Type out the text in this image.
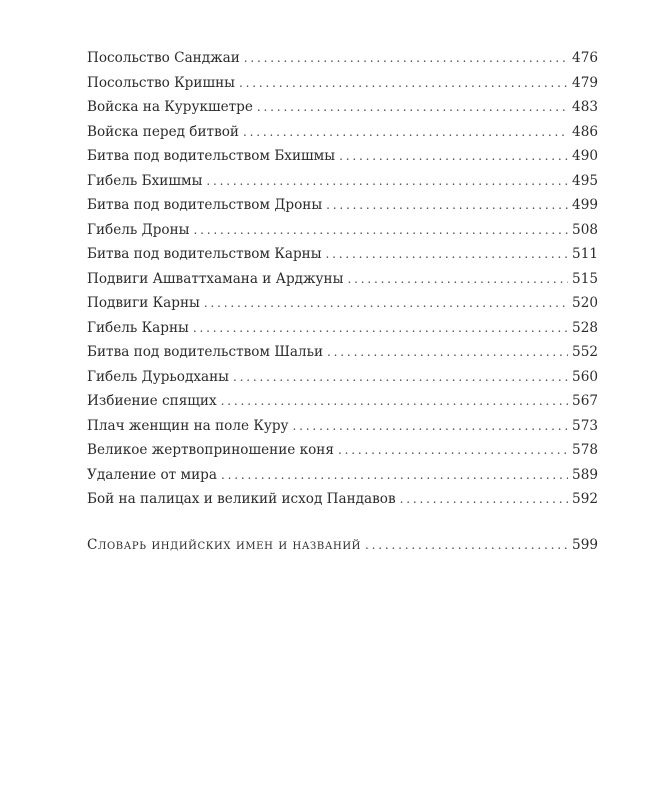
Посольство Санджаи . . .	476
Посольство Кришны . . .	479
Войска на Курукшетре . . .	483
Войска перед битвой . . .	486
Битва под водительством Бхишмы . . .	490
Гибель Бхишмы . . .	495
Битва под водительством Дроны . . .	499
Гибель Дроны . . .	508
Битва под водительством Карны . . .	511
Подвиги Ашваттхамана и Арджуны . . .	515
Подвиги Карны . . .	520
Гибель Карны . . .	528
Битва под водительством Шальи . . .	552
Гибель Дурьодханы . . .	560
Избиение спящих . . .	567
Плач женщин на поле Куру . . .	573
Великое жертвоприношение коня . . .	578
Удаление от мира . . .	589
Бой на палицах и великий исход Пандавов . . .	592
Словарь индийских имен и названий . . .	599
